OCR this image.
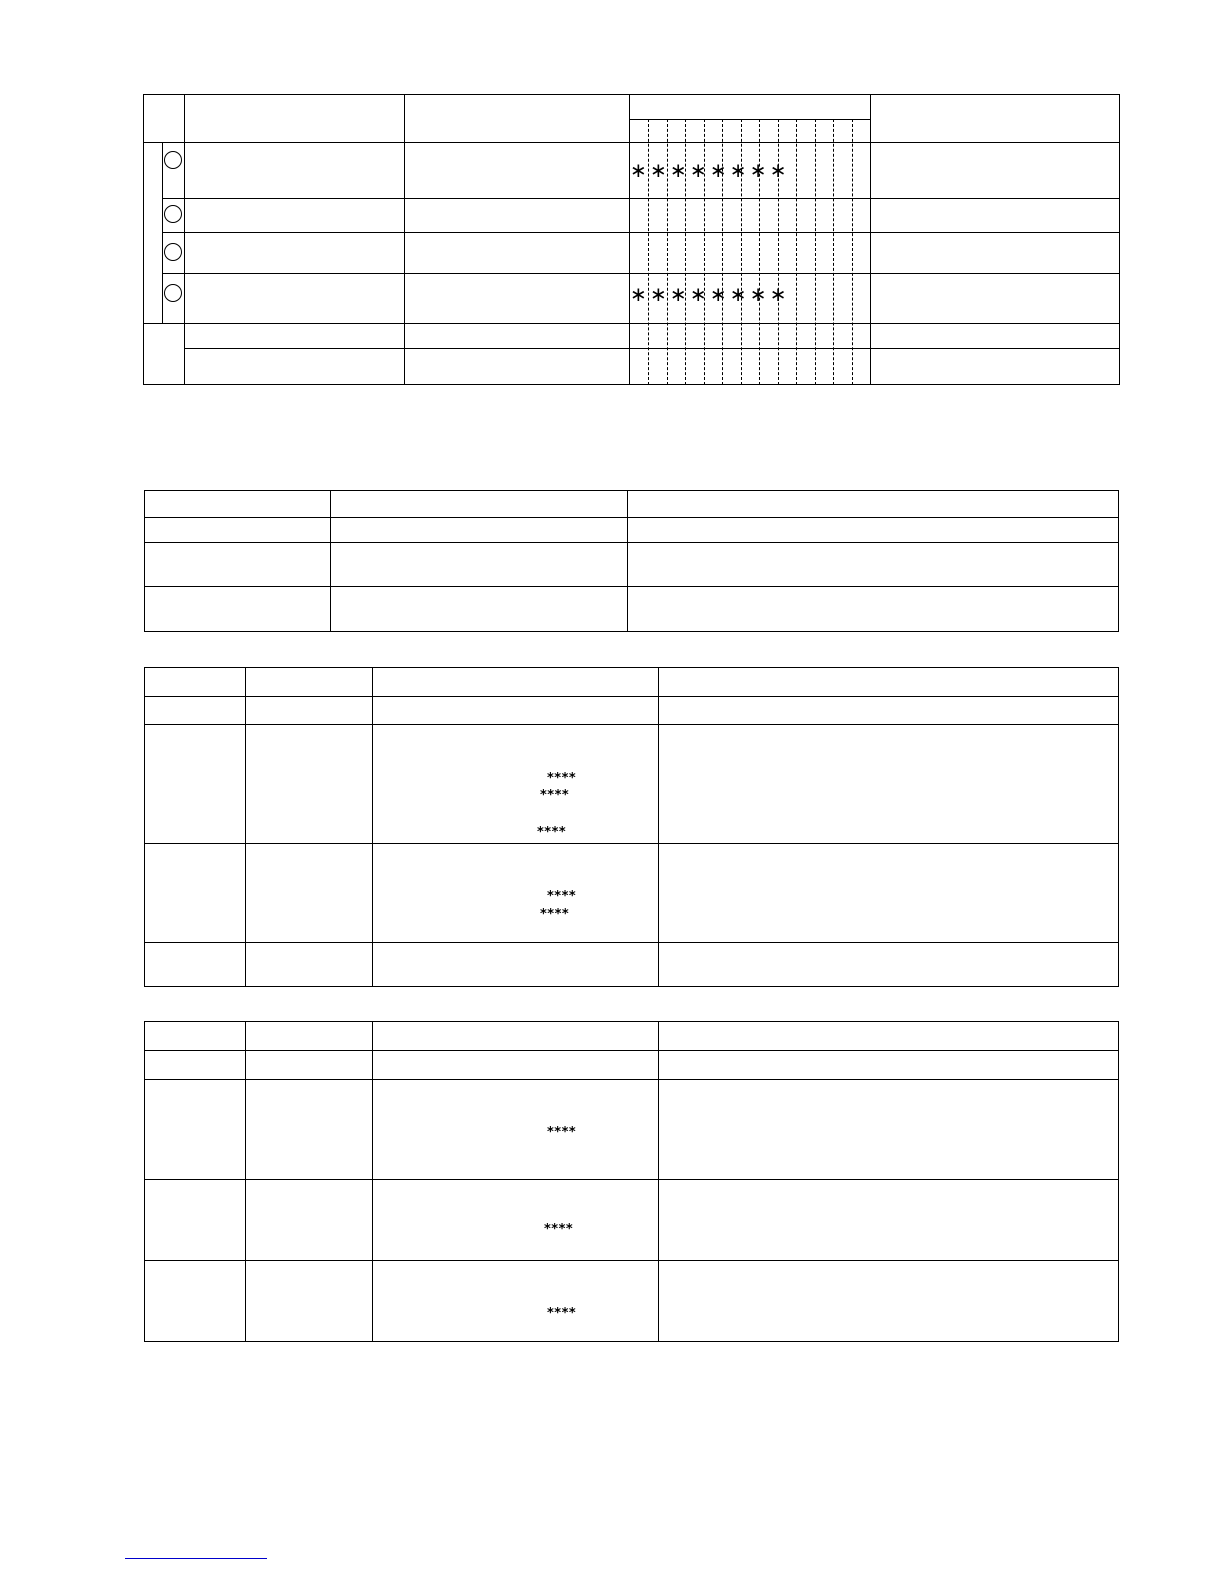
∗∗∗∗∗∗∗∗
∗∗∗∗∗∗∗∗
****
****
****
****
****
****
****
****
